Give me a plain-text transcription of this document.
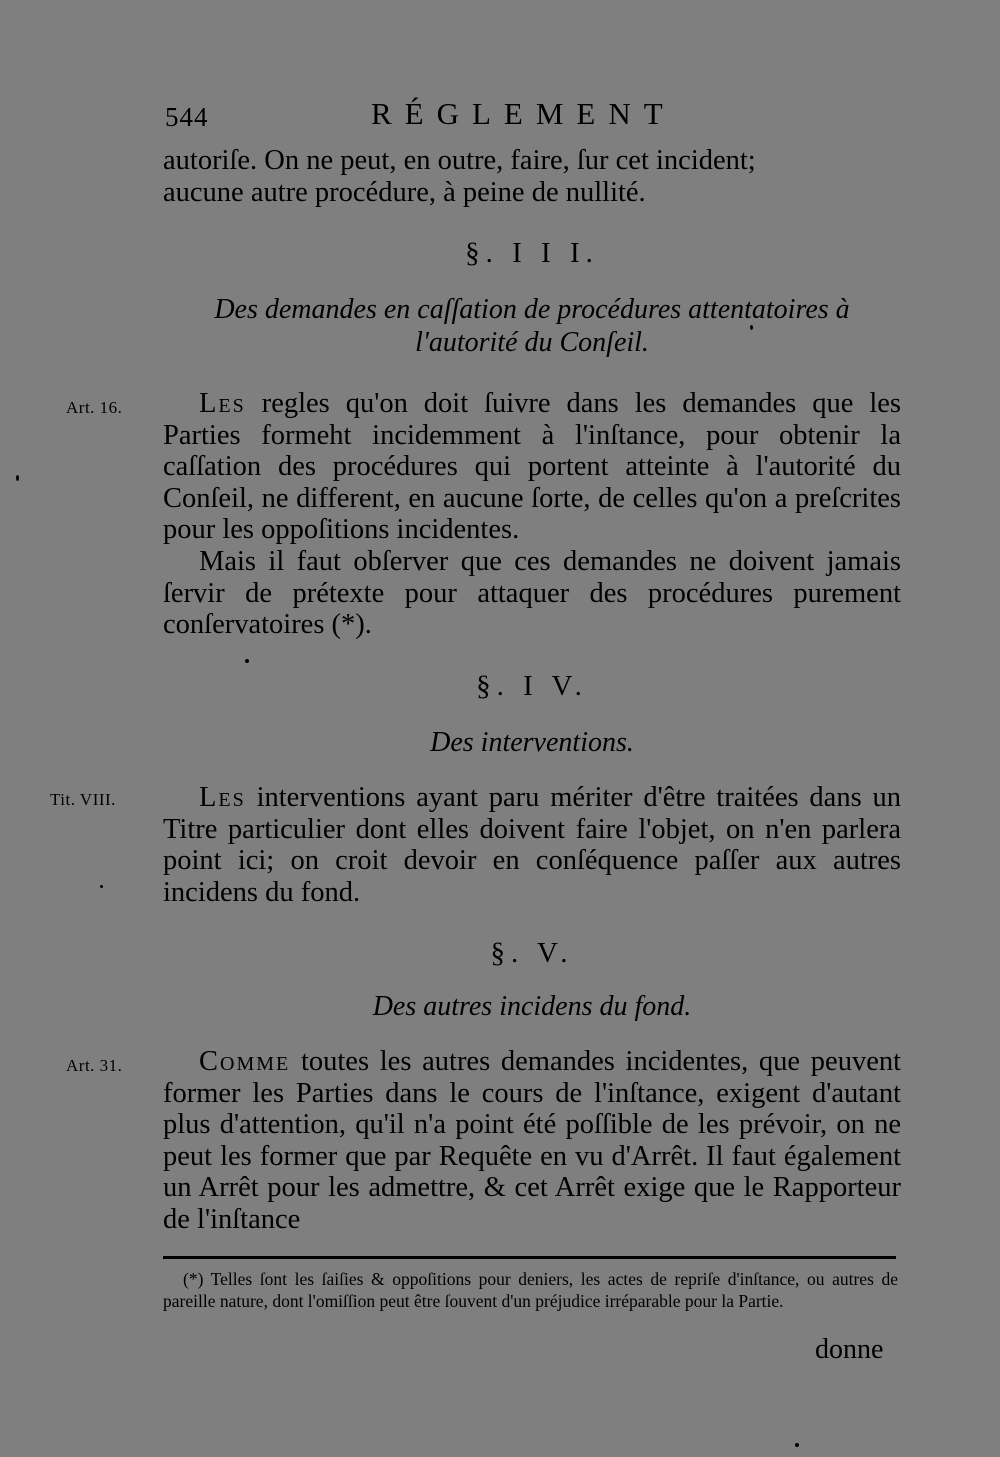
544	RÉGLEMENT

autoriſe. On ne peut, en outre, faire, ſur cet incident;
aucune autre procédure, à peine de nullité.

§. I I I.
Des demandes en caſſation de procédures attentatoires à
l'autorité du Conſeil.
Art. 16.	Les regles qu'on doit ſuivre dans les demandes que les Parties formeht incidemment à l'inſtance, pour obtenir la caſſation des procédures qui portent atteinte à l'autorité du Conſeil, ne different, en aucune ſorte, de celles qu'on a preſcrites pour les oppoſitions incidentes.

Mais il faut obſerver que ces demandes ne doivent jamais ſervir de prétexte pour attaquer des procédures purement conſervatoires (*).

§. I V.
Des interventions.
Tit. VIII.	Les interventions ayant paru mériter d'être traitées dans un Titre particulier dont elles doivent faire l'objet, on n'en parlera point ici; on croit devoir en conſéquence paſſer aux autres incidens du fond.

§. V.
Des autres incidens du fond.
Art. 31.	Comme toutes les autres demandes incidentes, que peuvent former les Parties dans le cours de l'inſtance, exigent d'autant plus d'attention, qu'il n'a point été poſſible de les prévoir, on ne peut les former que par Requête en vu d'Arrêt. Il faut également un Arrêt pour les admettre, & cet Arrêt exige que le Rapporteur de l'inſtance

(*) Telles ſont les ſaiſies & oppoſitions pour deniers, les actes de repriſe d'inſtance, ou autres de pareille nature, dont l'omiſſion peut être ſouvent d'un préjudice irréparable pour la Partie.

donne
